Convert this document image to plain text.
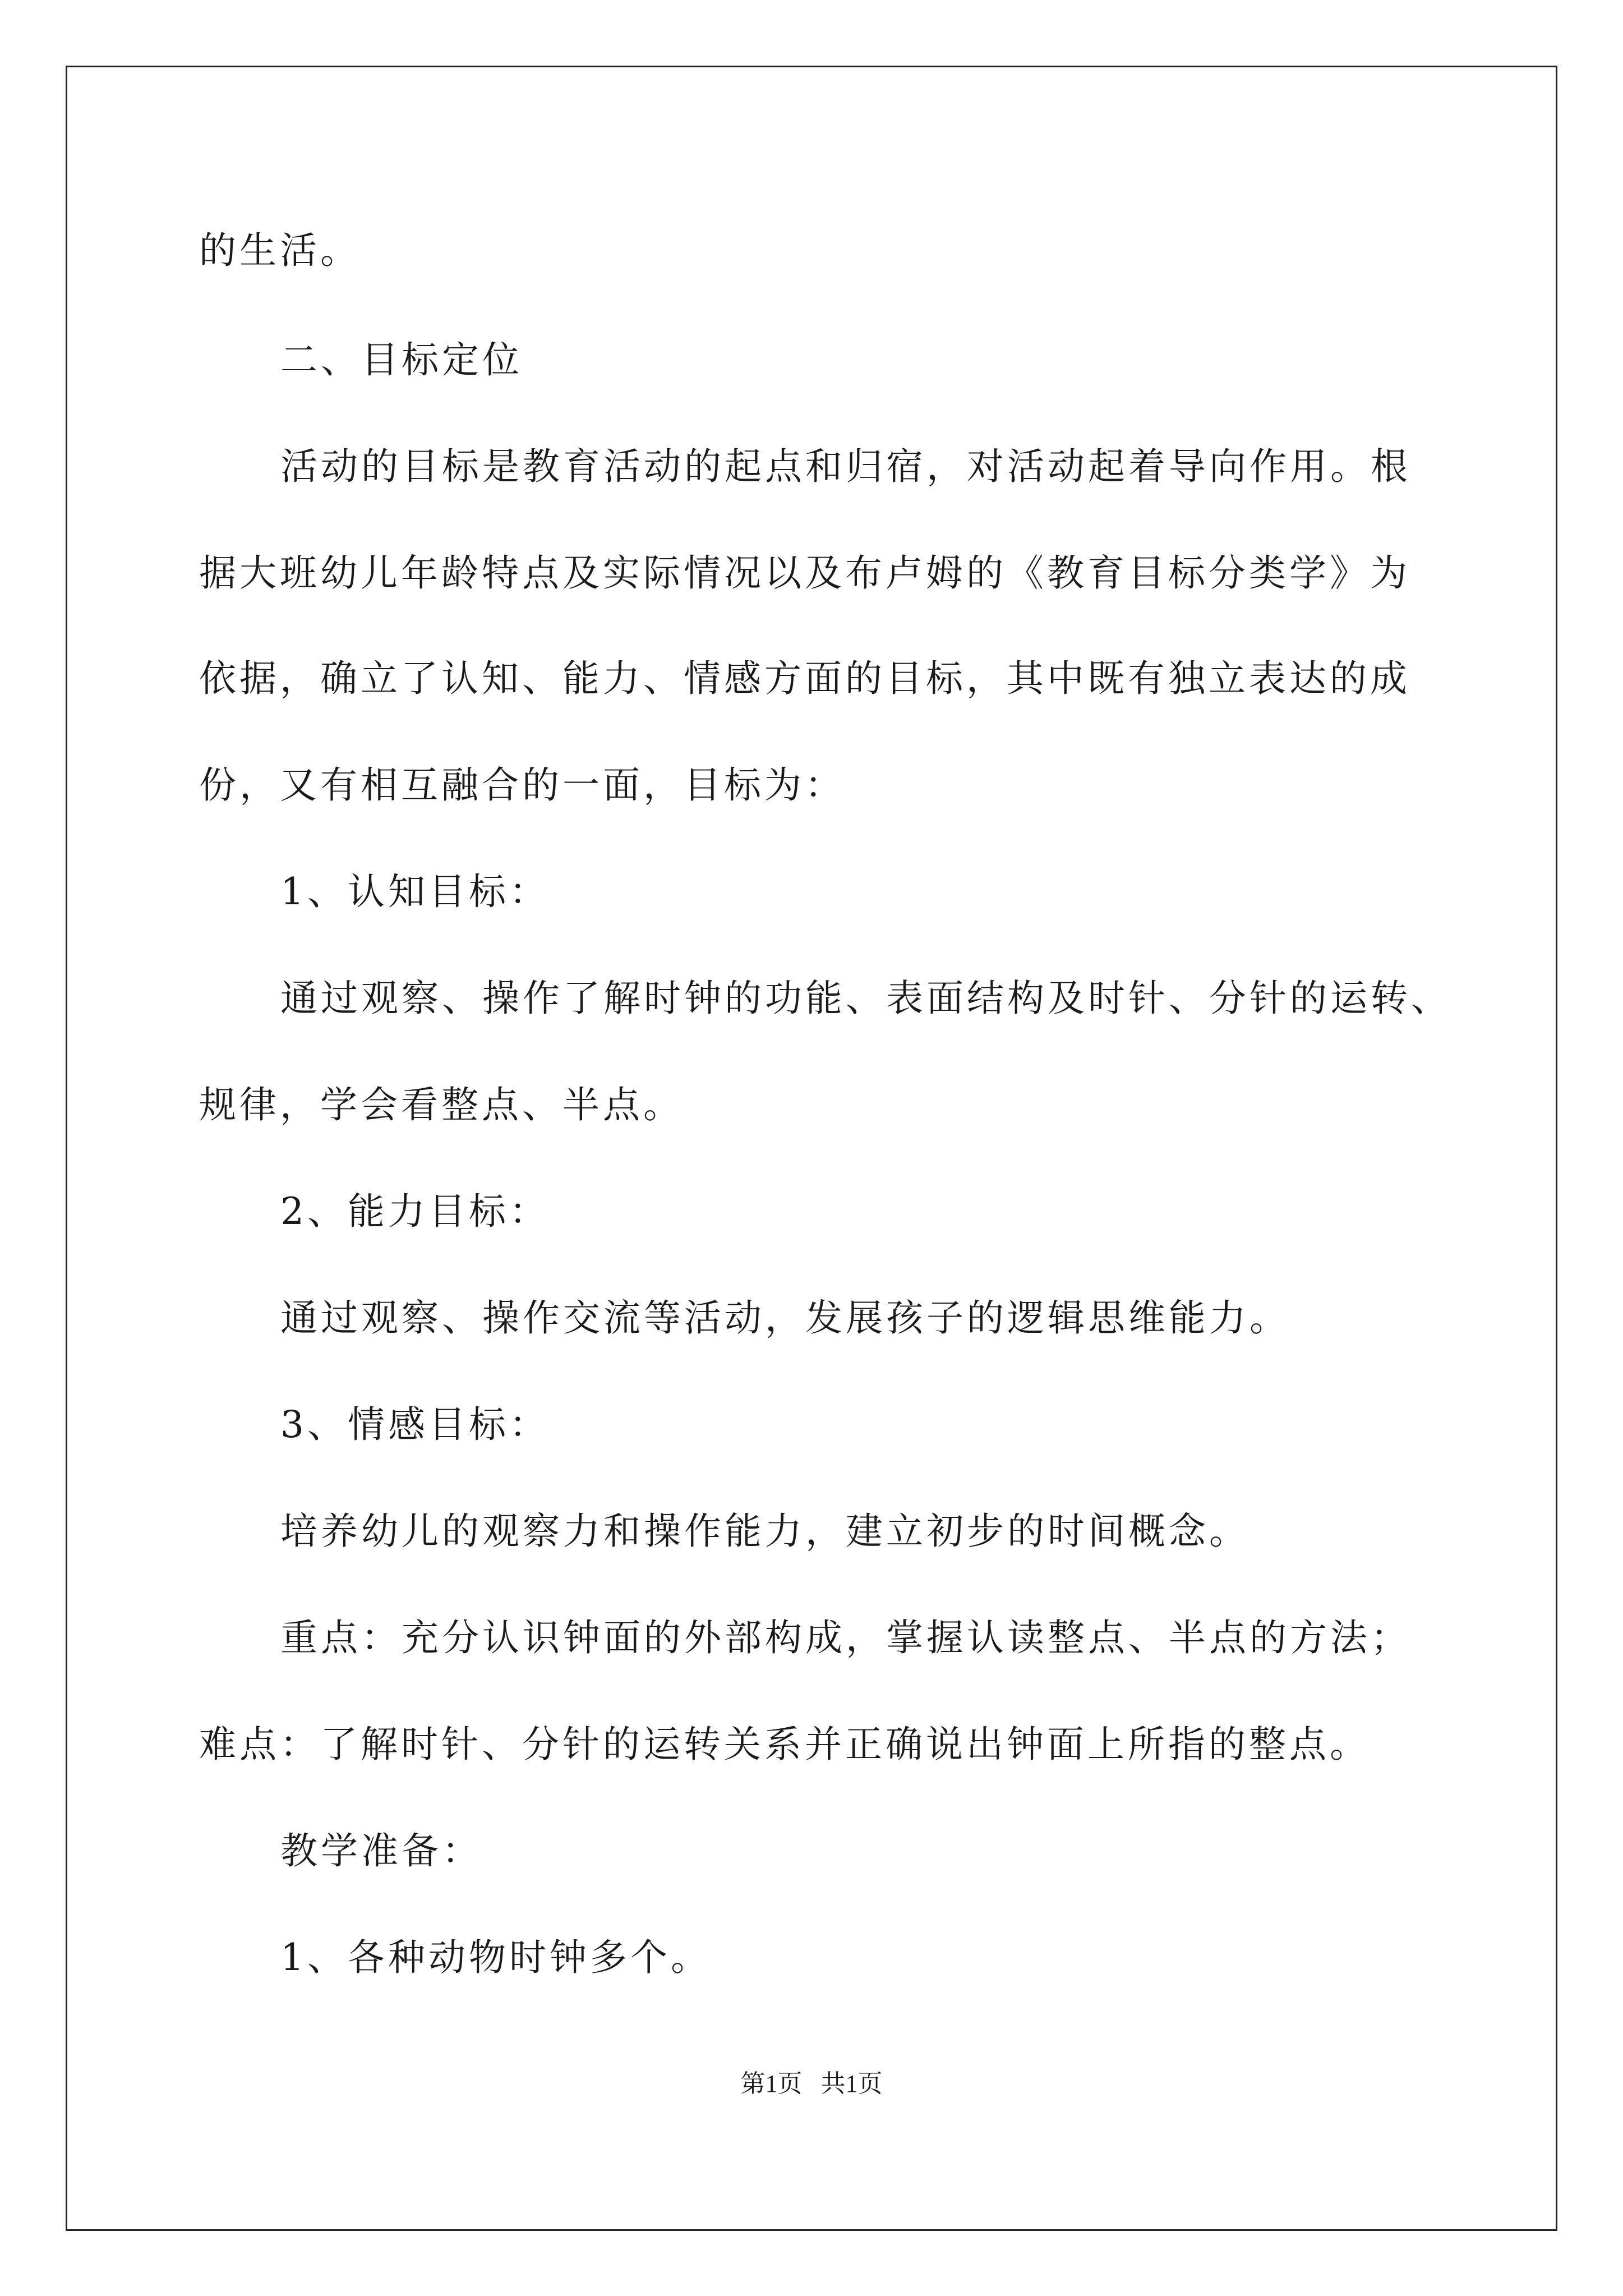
的生活。
二、目标定位
活动的目标是教育活动的起点和归宿，对活动起着导向作用。根
据大班幼儿年龄特点及实际情况以及布卢姆的《教育目标分类学》为
依据，确立了认知、能力、情感方面的目标，其中既有独立表达的成
份，又有相互融合的一面，目标为：
1、认知目标：
通过观察、操作了解时钟的功能、表面结构及时针、分针的运转、
规律，学会看整点、半点。
2、能力目标：
通过观察、操作交流等活动，发展孩子的逻辑思维能力。
3、情感目标：
培养幼儿的观察力和操作能力，建立初步的时间概念。
重点：充分认识钟面的外部构成，掌握认读整点、半点的方法；
难点：了解时针、分针的运转关系并正确说出钟面上所指的整点。
教学准备：
1、各种动物时钟多个。
第1页   共1页
